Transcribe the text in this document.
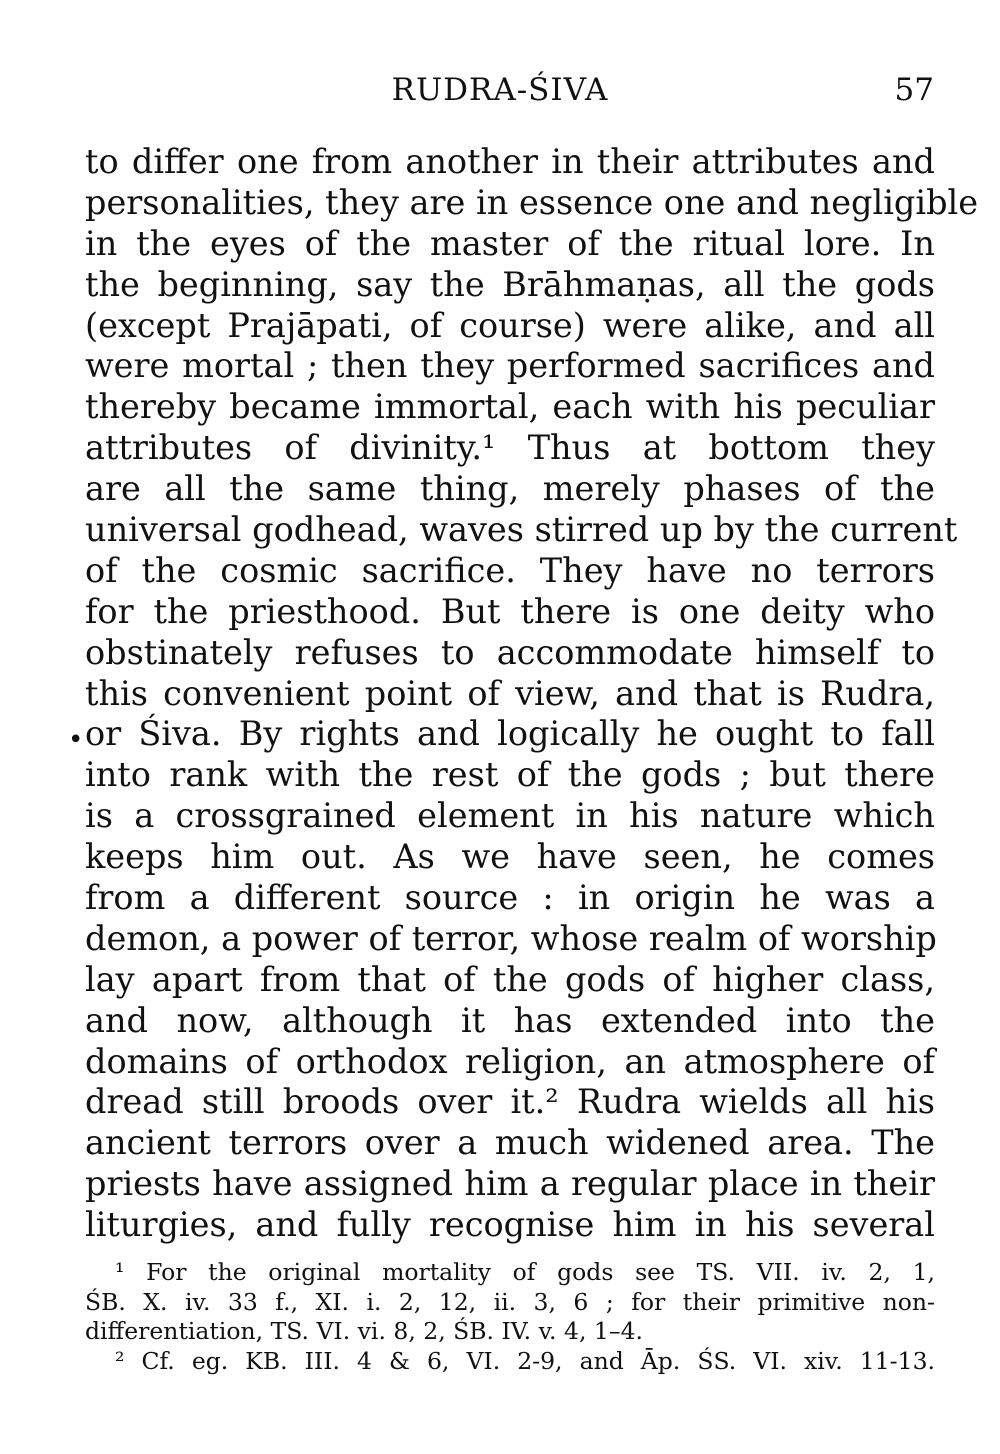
RUDRA-ŚIVA	57
•
to differ one from another in their attributes and
personalities, they are in essence one and negligible
in the eyes of the master of the ritual lore. In
the beginning, say the Brāhmaṇas, all the gods
(except Prajāpati, of course) were alike, and all
were mortal ; then they performed sacrifices and
thereby became immortal, each with his peculiar
attributes of divinity.¹ Thus at bottom they
are all the same thing, merely phases of the
universal godhead, waves stirred up by the current
of the cosmic sacrifice. They have no terrors
for the priesthood. But there is one deity who
obstinately refuses to accommodate himself to
this convenient point of view, and that is Rudra,
or Śiva. By rights and logically he ought to fall
into rank with the rest of the gods ; but there
is a crossgrained element in his nature which
keeps him out. As we have seen, he comes
from a different source : in origin he was a
demon, a power of terror, whose realm of worship
lay apart from that of the gods of higher class,
and now, although it has extended into the
domains of orthodox religion, an atmosphere of
dread still broods over it.² Rudra wields all his
ancient terrors over a much widened area. The
priests have assigned him a regular place in their
liturgies, and fully recognise him in his several
¹ For the original mortality of gods see TS. VII. iv. 2, 1,
ŚB. X. iv. 33 f., XI. i. 2, 12, ii. 3, 6 ; for their primitive non-
differentiation, TS. VI. vi. 8, 2, ŚB. IV. v. 4, 1–4.
² Cf. eg. KB. III. 4 & 6, VI. 2-9, and Āp. ŚS. VI. xiv. 11-13.
